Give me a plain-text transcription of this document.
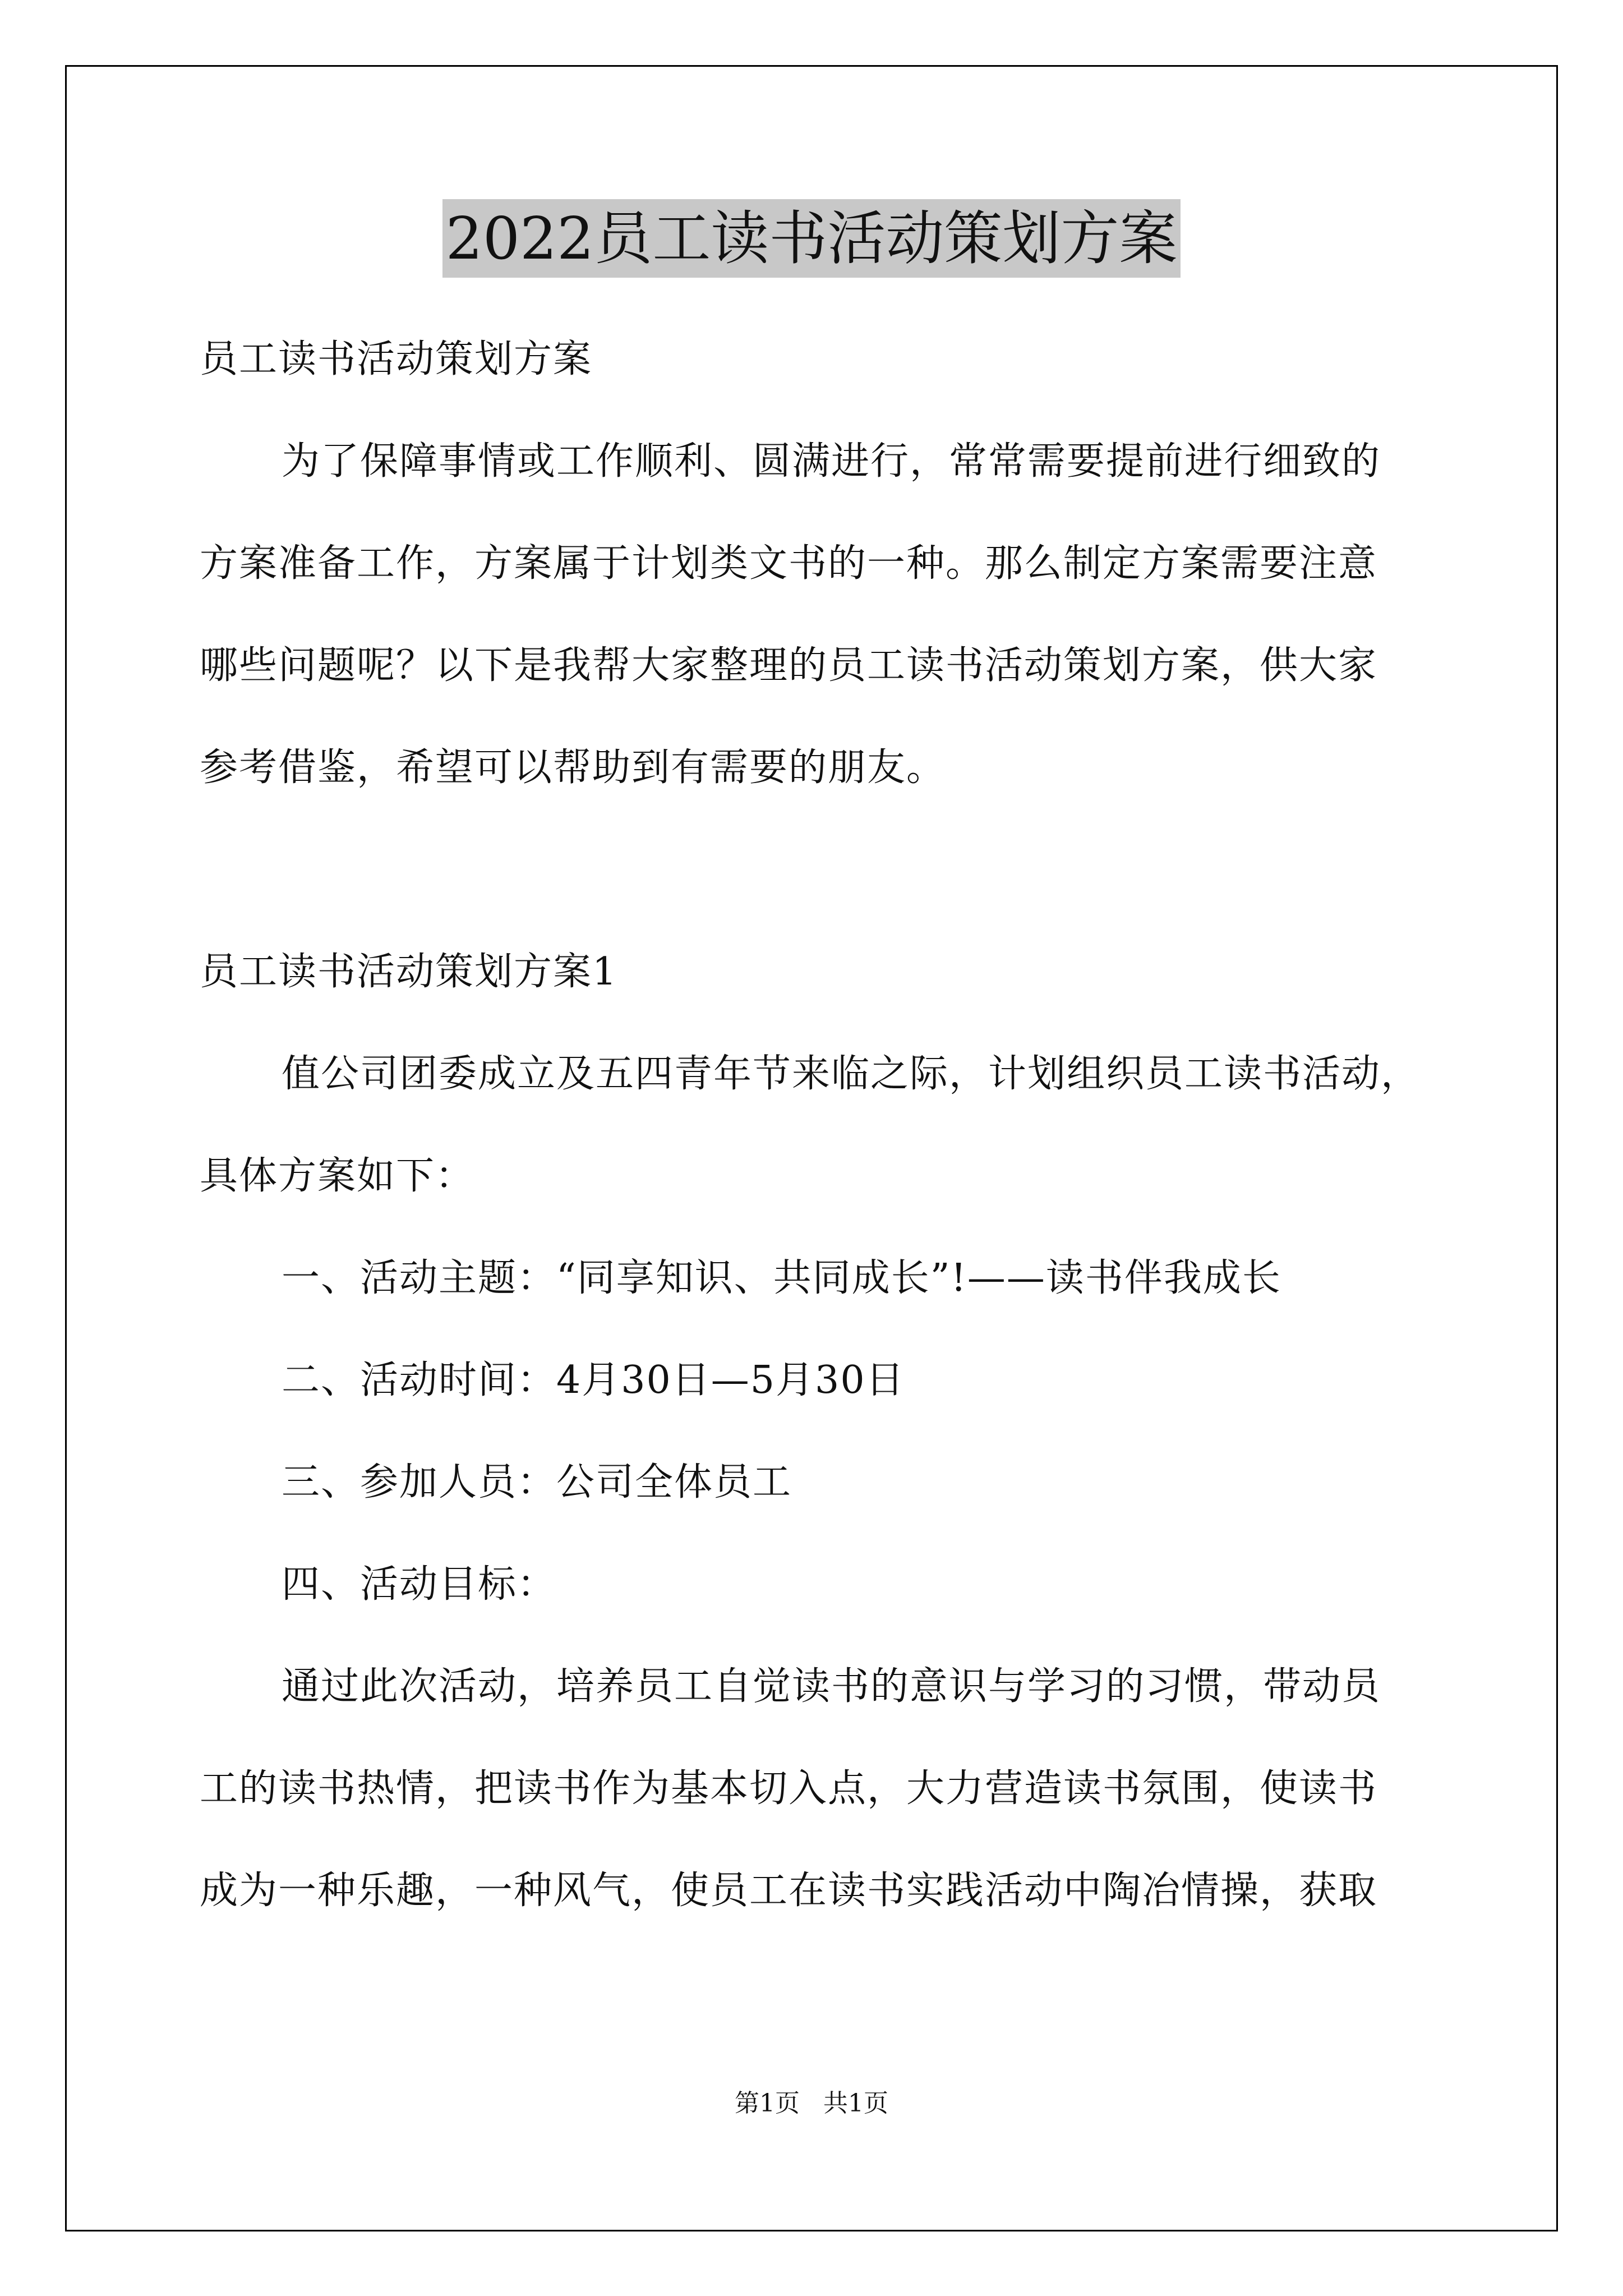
2022员工读书活动策划方案
员工读书活动策划方案
为了保障事情或工作顺利、圆满进行，常常需要提前进行细致的
方案准备工作，方案属于计划类文书的一种。那么制定方案需要注意
哪些问题呢？以下是我帮大家整理的员工读书活动策划方案，供大家
参考借鉴，希望可以帮助到有需要的朋友。
员工读书活动策划方案1
值公司团委成立及五四青年节来临之际，计划组织员工读书活动，
具体方案如下：
一、活动主题：“同享知识、共同成长”!——读书伴我成长
二、活动时间：4月30日—5月30日
三、参加人员：公司全体员工
四、活动目标：
通过此次活动，培养员工自觉读书的意识与学习的习惯，带动员
工的读书热情，把读书作为基本切入点，大力营造读书氛围，使读书
成为一种乐趣，一种风气，使员工在读书实践活动中陶冶情操，获取
第1页 共1页
